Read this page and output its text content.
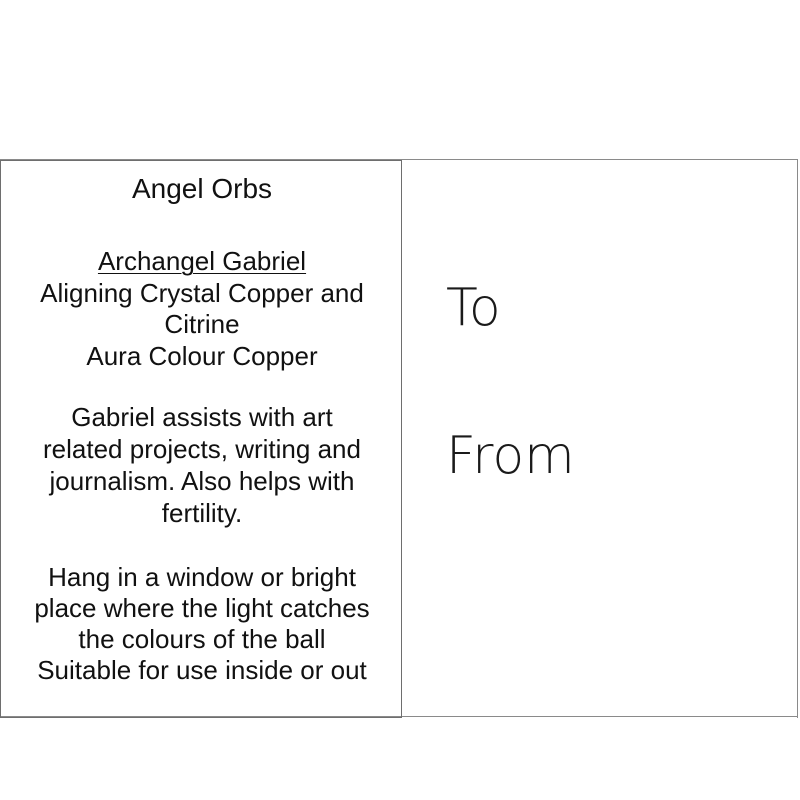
Angel Orbs
Archangel Gabriel
Aligning Crystal Copper and
Citrine
Aura Colour Copper
Gabriel assists with art
related projects, writing and
journalism. Also helps with
fertility.
Hang in a window or bright
place where the light catches
the colours of the ball
Suitable for use inside or out
To
From
